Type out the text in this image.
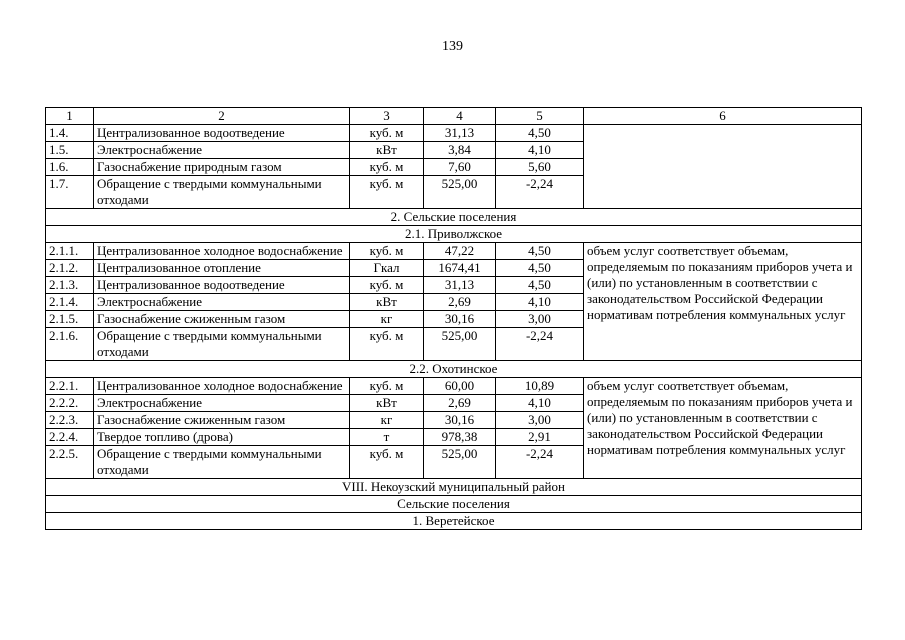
139
1	2	3	4	5	6
1.4.	Централизованное водоотведение	куб. м	31,13	4,50	
1.5.	Электроснабжение	кВт	3,84	4,10	
1.6.	Газоснабжение природным газом	куб. м	7,60	5,60	
1.7.	Обращение с твердыми коммунальными отходами	куб. м	525,00	-2,24	
2. Сельские поселения					
2.1. Приволжское					
2.1.1.	Централизованное холодное водоснабжение	куб. м	47,22	4,50	объем услуг соответствует объемам, определяемым по показаниям приборов учета и (или) по установленным в соответствии с законодательством Российской Федерации нормативам потребления коммунальных услуг
2.1.2.	Централизованное отопление	Гкал	1674,41	4,50	
2.1.3.	Централизованное водоотведение	куб. м	31,13	4,50	
2.1.4.	Электроснабжение	кВт	2,69	4,10	
2.1.5.	Газоснабжение сжиженным газом	кг	30,16	3,00	
2.1.6.	Обращение с твердыми коммунальными отходами	куб. м	525,00	-2,24	
2.2. Охотинское					
2.2.1.	Централизованное холодное водоснабжение	куб. м	60,00	10,89	объем услуг соответствует объемам, определяемым по показаниям приборов учета и (или) по установленным в соответствии с законодательством Российской Федерации нормативам потребления коммунальных услуг
2.2.2.	Электроснабжение	кВт	2,69	4,10	
2.2.3.	Газоснабжение сжиженным газом	кг	30,16	3,00	
2.2.4.	Твердое топливо (дрова)	т	978,38	2,91	
2.2.5.	Обращение с твердыми коммунальными отходами	куб. м	525,00	-2,24	
VIII. Некоузский муниципальный район					
Сельские поселения					
1. Веретейское					
